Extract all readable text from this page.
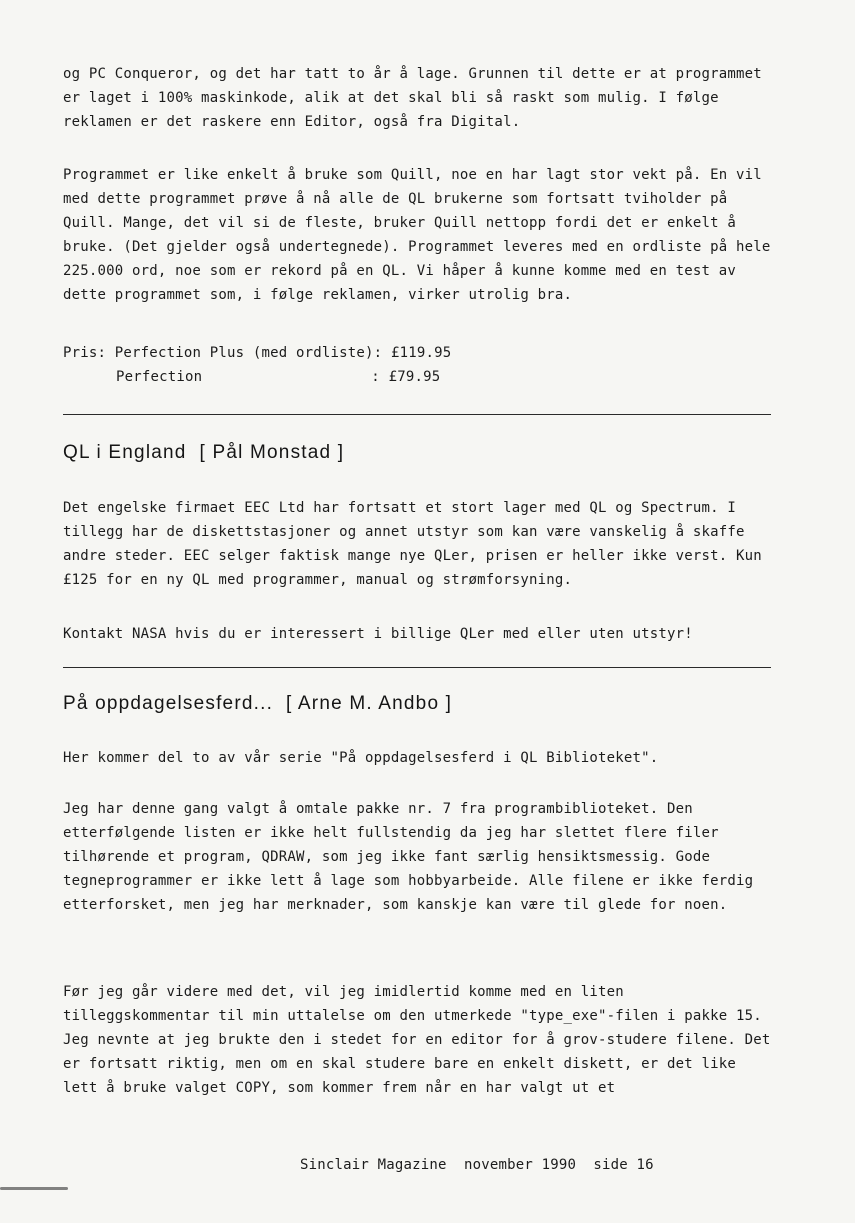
og PC Conqueror, og det har tatt to år å lage. Grunnen til dette er at programmet er laget i 100% maskinkode, alik at det skal bli så raskt som mulig. I følge reklamen er det raskere enn Editor, også fra Digital.
Programmet er like enkelt å bruke som Quill, noe en har lagt stor vekt på. En vil med dette programmet prøve å nå alle de QL brukerne som fortsatt tviholder på Quill. Mange, det vil si de fleste, bruker Quill nettopp fordi det er enkelt å bruke. (Det gjelder også undertegnede). Programmet leveres med en ordliste på hele 225.000 ord, noe som er rekord på en QL. Vi håper å kunne komme med en test av dette programmet som, i følge reklamen, virker utrolig bra.
Pris: Perfection Plus (med ordliste): £119.95
Perfection	: £79.95
QL i England  [ Pål Monstad ]
Det engelske firmaet EEC Ltd har fortsatt et stort lager med QL og Spectrum. I tillegg har de diskettstasjoner og annet utstyr som kan være vanskelig å skaffe andre steder. EEC selger faktisk mange nye QLer, prisen er heller ikke verst. Kun £125 for en ny QL med programmer, manual og strømforsyning.
Kontakt NASA hvis du er interessert i billige QLer med eller uten utstyr!
På oppdagelsesferd...  [ Arne M. Andbo ]
Her kommer del to av vår serie "På oppdagelsesferd i QL Biblioteket".
Jeg har denne gang valgt å omtale pakke nr. 7 fra programbiblioteket. Den etterfølgende listen er ikke helt fullstendig da jeg har slettet flere filer tilhørende et program, QDRAW, som jeg ikke fant særlig hensiktsmessig. Gode tegneprogrammer er ikke lett å lage som hobbyarbeide. Alle filene er ikke ferdig etterforsket, men jeg har merknader, som kanskje kan være til glede for noen.
Før jeg går videre med det, vil jeg imidlertid komme med en liten tilleggskommentar til min uttalelse om den utmerkede "type_exe"-filen i pakke 15. Jeg nevnte at jeg brukte den i stedet for en editor for å grov-studere filene. Det er fortsatt riktig, men om en skal studere bare en enkelt diskett, er det like lett å bruke valget COPY, som kommer frem når en har valgt ut et
Sinclair Magazine  november 1990  side 16
